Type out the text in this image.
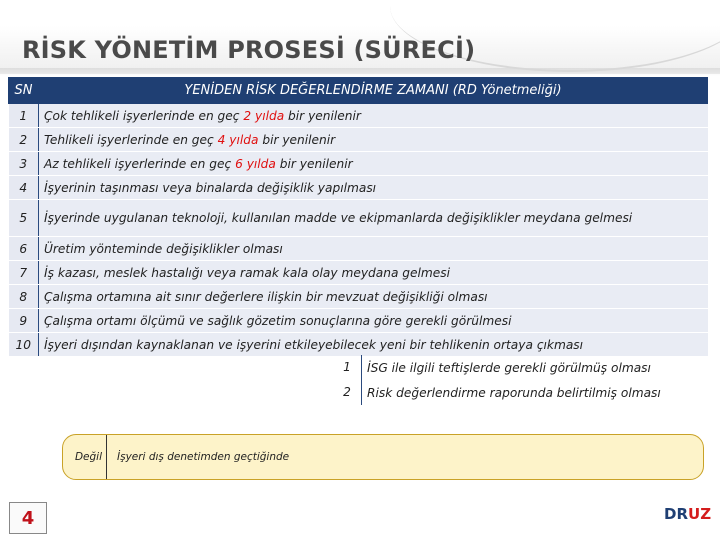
RİSK YÖNETİM PROSESİ (SÜRECİ)
SN	YENİDEN RİSK DEĞERLENDİRME ZAMANI (RD Yönetmeliği)
1	Çok tehlikeli işyerlerinde en geç 2 yılda bir yenilenir
2	Tehlikeli işyerlerinde en geç 4 yılda bir yenilenir
3	Az tehlikeli işyerlerinde en geç 6 yılda bir yenilenir
4	İşyerinin taşınması veya binalarda değişiklik yapılması
5	İşyerinde uygulanan teknoloji, kullanılan madde ve ekipmanlarda değişiklikler meydana gelmesi
6	Üretim yönteminde değişiklikler olması
7	İş kazası, meslek hastalığı veya ramak kala olay meydana gelmesi
8	Çalışma ortamına ait sınır değerlere ilişkin bir mevzuat değişikliği olması
9	Çalışma ortamı ölçümü ve sağlık gözetim sonuçlarına göre gerekli görülmesi
10	İşyeri dışından kaynaklanan ve işyerini etkileyebilecek yeni bir tehlikenin ortaya çıkması
1	İSG ile ilgili teftişlerde gerekli görülmüş olması
2	Risk değerlendirme raporunda belirtilmiş olması
Değil İşyeri dış denetimden geçtiğinde
4	DRUZ
